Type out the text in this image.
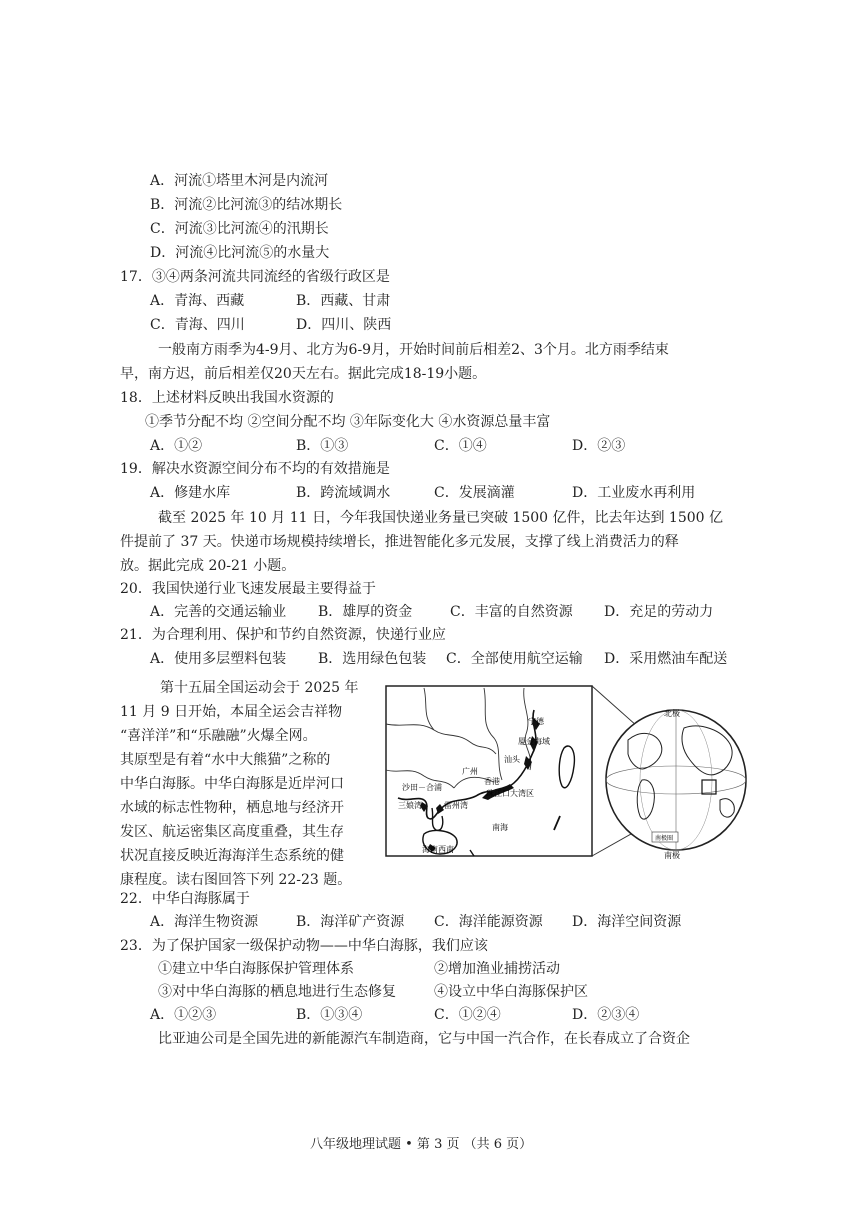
A．河流①塔里木河是内流河
B．河流②比河流③的结冰期长
C．河流③比河流④的汛期长
D．河流④比河流⑤的水量大
17．③④两条河流共同流经的省级行政区是
A．青海、西藏	B．西藏、甘肃
C．青海、四川	D．四川、陕西
一般南方雨季为4-9月、北方为6-9月，开始时间前后相差2、3个月。北方雨季结束
早，南方迟，前后相差仅20天左右。据此完成18-19小题。
18．上述材料反映出我国水资源的
①季节分配不均 ②空间分配不均 ③年际变化大 ④水资源总量丰富
A．①②	B．①③	C．①④	D．②③
19．解决水资源空间分布不均的有效措施是
A．修建水库	B．跨流域调水	C．发展滴灌	D．工业废水再利用
截至 2025 年 10 月 11 日，今年我国快递业务量已突破 1500 亿件，比去年达到 1500 亿
件提前了 37 天。快递市场规模持续增长，推进智能化多元发展，支撑了线上消费活力的释
放。据此完成 20-21 小题。
20．我国快递行业飞速发展最主要得益于
A．完善的交通运输业 B．雄厚的资金	C．丰富的自然资源 D．充足的劳动力
21．为合理利用、保护和节约自然资源，快递行业应
A．使用多层塑料包装 B．选用绿色包装 C．全部使用航空运输 D．采用燃油车配送
第十五届全国运动会于 2025 年
11 月 9 日开始，本届全运会吉祥物
“喜洋洋”和“乐融融”火爆全网。
其原型是有着“水中大熊猫”之称的
中华白海豚。中华白海豚是近岸河口
水域的标志性物种，栖息地与经济开
发区、航运密集区高度重叠，其生存
状况直接反映近海海洋生态系统的健
康程度。读右图回答下列 22-23 题。
宁德
厦金海域
汕头
广州
香港
沙田－合浦
三娘湾	雷州湾
珠江口大湾区
南海
海南西南
北极
南极圈
南极
22．中华白海豚属于
A．海洋生物资源	B．海洋矿产资源 C．海洋能源资源 D．海洋空间资源
23．为了保护国家一级保护动物——中华白海豚，我们应该
①建立中华白海豚保护管理体系	②增加渔业捕捞活动
③对中华白海豚的栖息地进行生态修复	④设立中华白海豚保护区
A．①②③	B．①③④	C．①②④	D．②③④
比亚迪公司是全国先进的新能源汽车制造商，它与中国一汽合作，在长春成立了合资企
八年级地理试题 • 第 3 页 （共 6 页）
